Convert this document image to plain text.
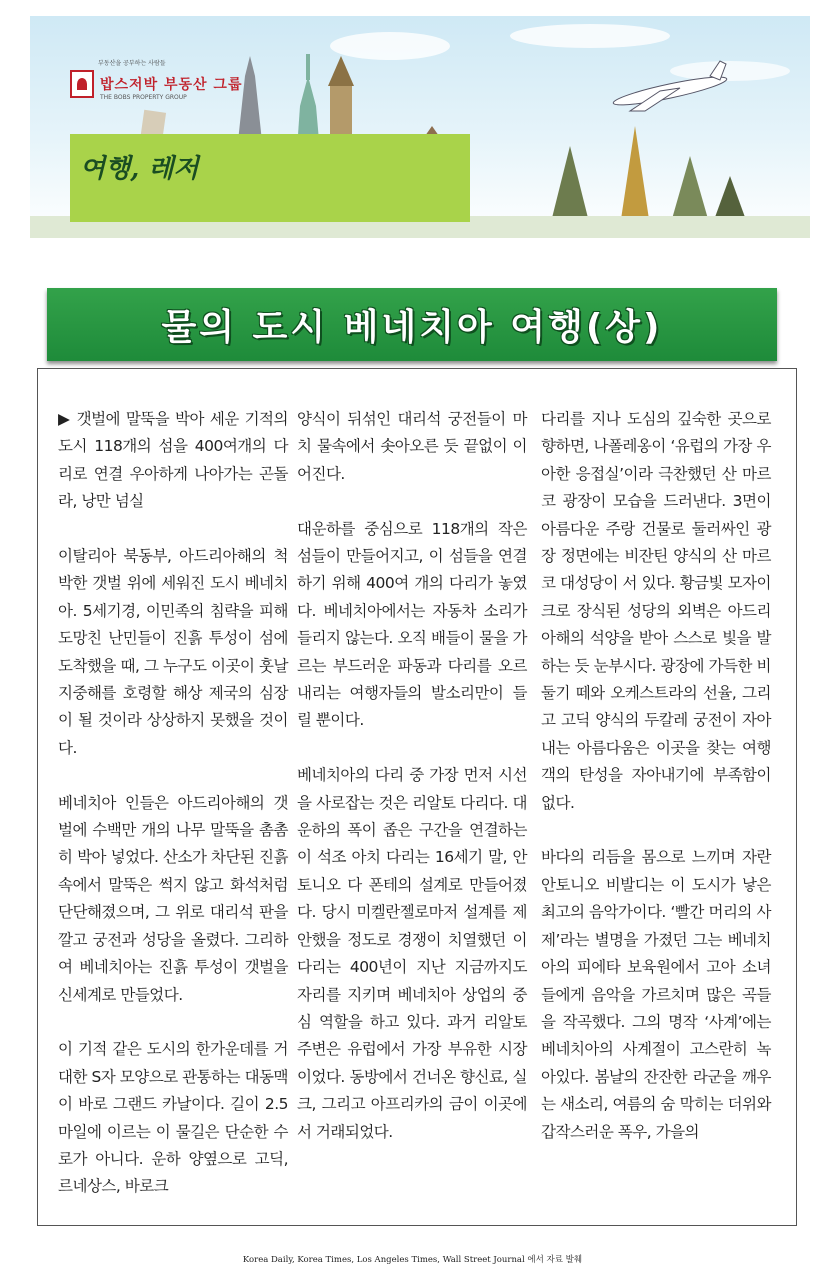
부동산을 공부하는 사람들
밥스저박 부동산 그룹
THE BOBS PROPERTY GROUP
여행, 레저
물의 도시 베네치아 여행(상)

▶ 갯벌에 말뚝을 박아 세운 기적의 도시 118개의 섬을 400여개의 다리로 연결 우아하게 나아가는 곤돌라, 낭만 넘실

이탈리아 북동부, 아드리아해의 척박한 갯벌 위에 세워진 도시 베네치아. 5세기경, 이민족의 침략을 피해 도망친 난민들이 진흙 투성이 섬에 도착했을 때, 그 누구도 이곳이 훗날 지중해를 호령할 해상 제국의 심장이 될 것이라 상상하지 못했을 것이다.

베네치아 인들은 아드리아해의 갯벌에 수백만 개의 나무 말뚝을 촘촘히 박아 넣었다. 산소가 차단된 진흙 속에서 말뚝은 썩지 않고 화석처럼 단단해졌으며, 그 위로 대리석 판을 깔고 궁전과 성당을 올렸다. 그리하여 베네치아는 진흙 투성이 갯벌을 신세계로 만들었다.

이 기적 같은 도시의 한가운데를 거대한 S자 모양으로 관통하는 대동맥이 바로 그랜드 카날이다. 길이 2.5마일에 이르는 이 물길은 단순한 수로가 아니다. 운하 양옆으로 고딕, 르네상스, 바로크

양식이 뒤섞인 대리석 궁전들이 마치 물속에서 솟아오른 듯 끝없이 이어진다.

대운하를 중심으로 118개의 작은 섬들이 만들어지고, 이 섬들을 연결하기 위해 400여 개의 다리가 놓였다. 베네치아에서는 자동차 소리가 들리지 않는다. 오직 배들이 물을 가르는 부드러운 파동과 다리를 오르내리는 여행자들의 발소리만이 들릴 뿐이다.

베네치아의 다리 중 가장 먼저 시선을 사로잡는 것은 리알토 다리다. 대운하의 폭이 좁은 구간을 연결하는 이 석조 아치 다리는 16세기 말, 안토니오 다 폰테의 설계로 만들어졌다. 당시 미켈란젤로마저 설계를 제안했을 정도로 경쟁이 치열했던 이 다리는 400년이 지난 지금까지도 자리를 지키며 베네치아 상업의 중심 역할을 하고 있다. 과거 리알토 주변은 유럽에서 가장 부유한 시장이었다. 동방에서 건너온 향신료, 실크, 그리고 아프리카의 금이 이곳에서 거래되었다.

다리를 지나 도심의 깊숙한 곳으로 향하면, 나폴레옹이 ‘유럽의 가장 우아한 응접실’이라 극찬했던 산 마르코 광장이 모습을 드러낸다. 3면이 아름다운 주랑 건물로 둘러싸인 광장 정면에는 비잔틴 양식의 산 마르코 대성당이 서 있다. 황금빛 모자이크로 장식된 성당의 외벽은 아드리아해의 석양을 받아 스스로 빛을 발하는 듯 눈부시다. 광장에 가득한 비둘기 떼와 오케스트라의 선율, 그리고 고딕 양식의 두칼레 궁전이 자아내는 아름다움은 이곳을 찾는 여행객의 탄성을 자아내기에 부족함이 없다.

바다의 리듬을 몸으로 느끼며 자란 안토니오 비발디는 이 도시가 낳은 최고의 음악가이다. ‘빨간 머리의 사제’라는 별명을 가졌던 그는 베네치아의 피에타 보육원에서 고아 소녀들에게 음악을 가르치며 많은 곡들을 작곡했다. 그의 명작 ‘사계’에는 베네치아의 사계절이 고스란히 녹아있다. 봄날의 잔잔한 라군을 깨우는 새소리, 여름의 숨 막히는 더위와 갑작스러운 폭우, 가을의

Korea Daily, Korea Times, Los Angeles Times, Wall Street Journal 에서 자료 발췌
